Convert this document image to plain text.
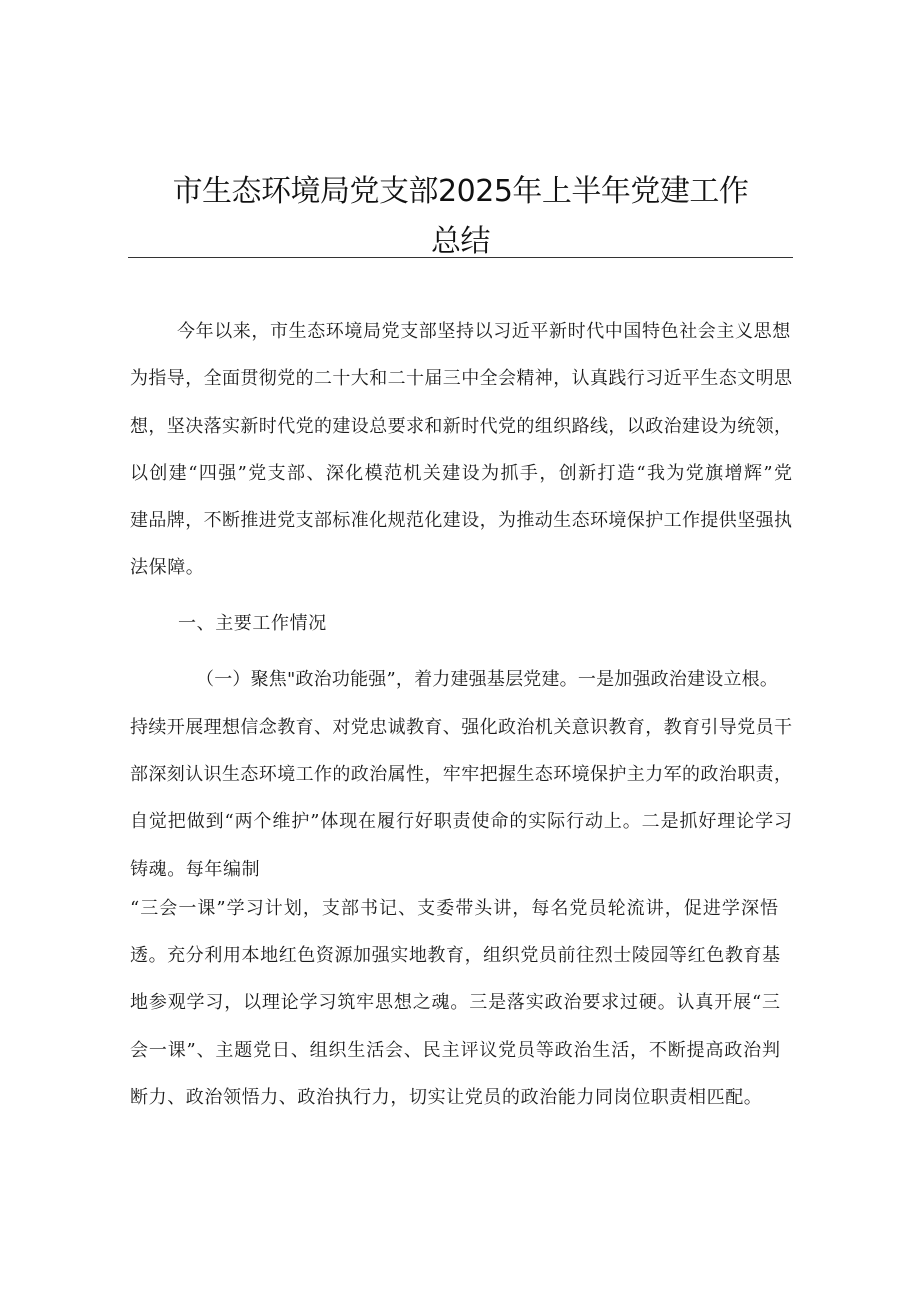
市生态环境局党支部2025年上半年党建工作
总结
今年以来，市生态环境局党支部坚持以习近平新时代中国特色社会主义思想
为指导，全面贯彻党的二十大和二十届三中全会精神，认真践行习近平生态文明思
想，坚决落实新时代党的建设总要求和新时代党的组织路线，以政治建设为统领，
以创建“四强”党支部、深化模范机关建设为抓手，创新打造“我为党旗增辉”党
建品牌，不断推进党支部标准化规范化建设，为推动生态环境保护工作提供坚强执
法保障。
一、主要工作情况
（一）聚焦"政治功能强”，着力建强基层党建。一是加强政治建设立根。
持续开展理想信念教育、对党忠诚教育、强化政治机关意识教育，教育引导党员干
部深刻认识生态环境工作的政治属性，牢牢把握生态环境保护主力军的政治职责，
自觉把做到“两个维护”体现在履行好职责使命的实际行动上。二是抓好理论学习
铸魂。每年编制
“三会一课”学习计划，支部书记、支委带头讲，每名党员轮流讲，促进学深悟
透。充分利用本地红色资源加强实地教育，组织党员前往烈士陵园等红色教育基
地参观学习，以理论学习筑牢思想之魂。三是落实政治要求过硬。认真开展“三
会一课”、主题党日、组织生活会、民主评议党员等政治生活，不断提高政治判
断力、政治领悟力、政治执行力，切实让党员的政治能力同岗位职责相匹配。
